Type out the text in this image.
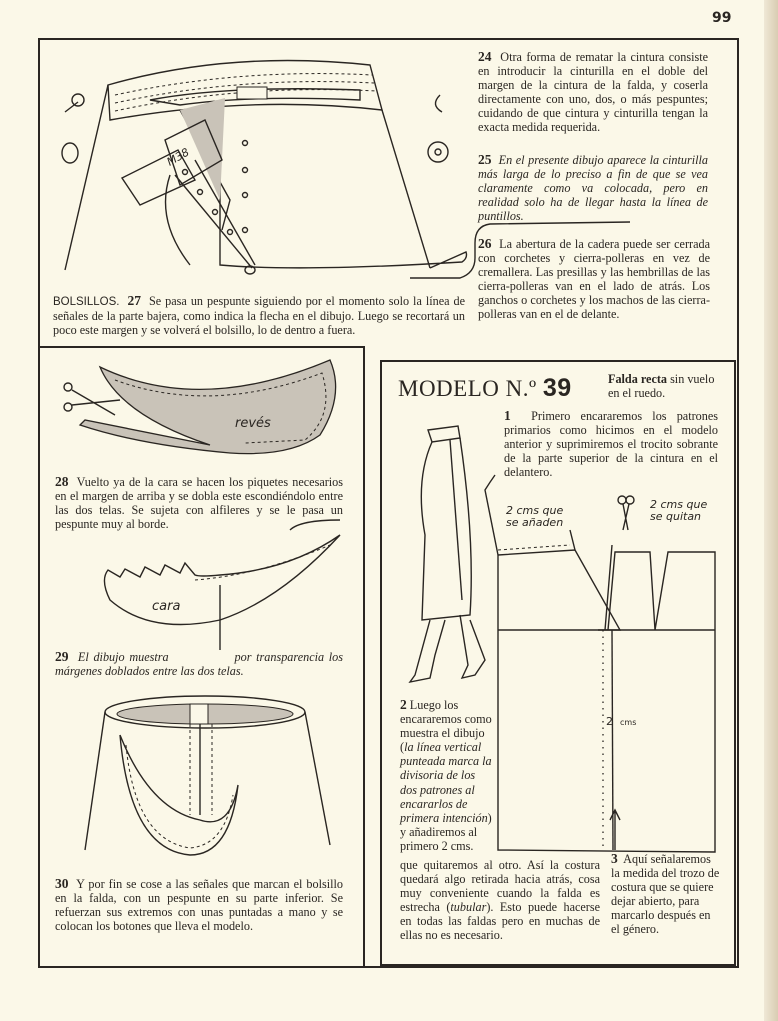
99
M38
24 Otra forma de rematar la cintura consiste en introducir la cinturilla en el doble del margen de la cintura de la falda, y coserla directamente con uno, dos, o más pespuntes; cuidando de que cintura y cinturilla tengan la exacta medida requerida.
25 En el presente dibujo aparece la cinturilla más larga de lo preciso a fin de que se vea claramente como va colocada, pero en realidad solo ha de llegar hasta la línea de puntillos.
26 La abertura de la cadera puede ser cerrada con corchetes y cierra-polleras en vez de cremallera. Las presillas y las hembrillas de las cierra-polleras van en el lado de atrás. Los ganchos o corchetes y los machos de las cierra-polleras van en el de delante.
BOLSILLOS. 27 Se pasa un pespunte siguiendo por el momento solo la línea de señales de la parte bajera, como indica la flecha en el dibujo. Luego se recortará un poco este margen y se volverá el bolsillo, lo de dentro a fuera.
revés
28 Vuelto ya de la cara se hacen los piquetes necesarios en el margen de arriba y se dobla este escondiéndolo entre las dos telas. Se sujeta con alfileres y se le pasa un pespunte muy al borde.
cara
29 El dibujo muestra	por transparencia los márgenes doblados entre las dos telas.
30 Y por fin se cose a las señales que marcan el bolsillo en la falda, con un pespunte en su parte inferior. Se refuerzan sus extremos con unas puntadas a mano y se colocan los botones que lleva el modelo.
MODELO N.º 39	Falda recta sin vuelo en el ruedo.
1 Primero encararemos los patrones primarios como hicimos en el modelo anterior y suprimiremos el trocito sobrante de la parte superior de la cintura en el delantero.
2 cms
2 cms que
se añaden
2 cms que
se quitan
2 Luego los encararemos como muestra el dibujo (la línea vertical punteada marca la divisoria de los dos patrones al encararlos de primera intención) y añadiremos al primero 2 cms.
que quitaremos al otro. Así la costura quedará algo retirada hacia atrás, cosa muy conveniente cuando la falda es estrecha (tubular). Esto puede hacerse en todas las faldas pero en muchas de ellas no es necesario.
3 Aquí señalaremos la medida del trozo de costura que se quiere dejar abierto, para marcarlo después en el género.
